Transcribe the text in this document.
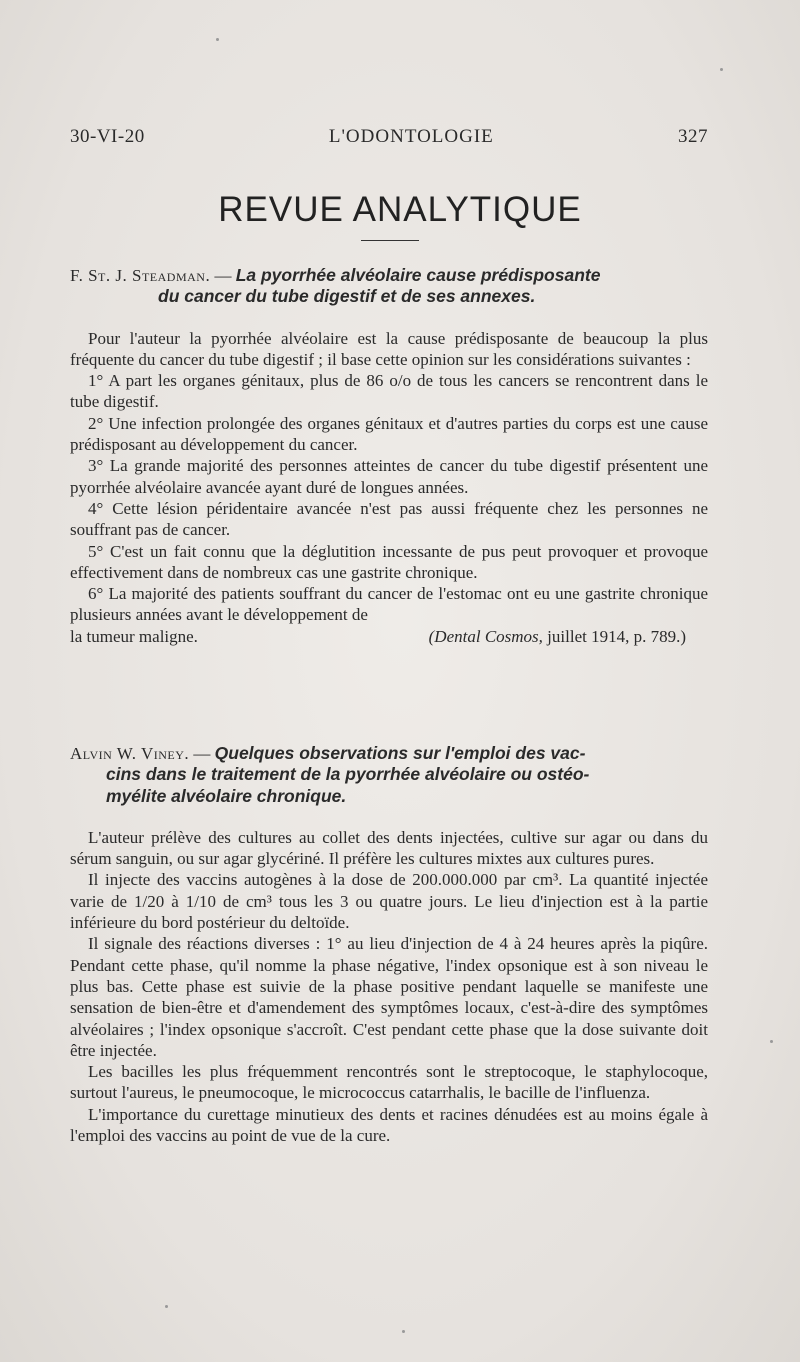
30-VI-20	L'ODONTOLOGIE	327
REVUE ANALYTIQUE
F. St. J. Steadman. — La pyorrhée alvéolaire cause prédisposante
du cancer du tube digestif et de ses annexes.

Pour l'auteur la pyorrhée alvéolaire est la cause prédisposante de beaucoup la plus fréquente du cancer du tube digestif ; il base cette opinion sur les considérations suivantes :

1° A part les organes génitaux, plus de 86 o/o de tous les cancers se rencontrent dans le tube digestif.

2° Une infection prolongée des organes génitaux et d'autres parties du corps est une cause prédisposant au développement du cancer.

3° La grande majorité des personnes atteintes de cancer du tube digestif présentent une pyorrhée alvéolaire avancée ayant duré de longues années.

4° Cette lésion péridentaire avancée n'est pas aussi fréquente chez les personnes ne souffrant pas de cancer.

5° C'est un fait connu que la déglutition incessante de pus peut provoquer et provoque effectivement dans de nombreux cas une gastrite chronique.

6° La majorité des patients souffrant du cancer de l'estomac ont eu une gastrite chronique plusieurs années avant le développement de

la tumeur maligne.	(Dental Cosmos, juillet 1914, p. 789.)
Alvin W. Viney. — Quelques observations sur l'emploi des vac-
cins dans le traitement de la pyorrhée alvéolaire ou ostéo-
myélite alvéolaire chronique.

L'auteur prélève des cultures au collet des dents injectées, cultive sur agar ou dans du sérum sanguin, ou sur agar glycériné. Il préfère les cultures mixtes aux cultures pures.

Il injecte des vaccins autogènes à la dose de 200.000.000 par cm³. La quantité injectée varie de 1/20 à 1/10 de cm³ tous les 3 ou quatre jours. Le lieu d'injection est à la partie inférieure du bord postérieur du deltoïde.

Il signale des réactions diverses : 1° au lieu d'injection de 4 à 24 heures après la piqûre. Pendant cette phase, qu'il nomme la phase négative, l'index opsonique est à son niveau le plus bas. Cette phase est suivie de la phase positive pendant laquelle se manifeste une sensation de bien-être et d'amendement des symptômes locaux, c'est-à-dire des symptômes alvéolaires ; l'index opsonique s'accroît. C'est pendant cette phase que la dose suivante doit être injectée.

Les bacilles les plus fréquemment rencontrés sont le streptocoque, le staphylocoque, surtout l'aureus, le pneumocoque, le micrococcus catarrhalis, le bacille de l'influenza.

L'importance du curettage minutieux des dents et racines dénudées est au moins égale à l'emploi des vaccins au point de vue de la cure.
